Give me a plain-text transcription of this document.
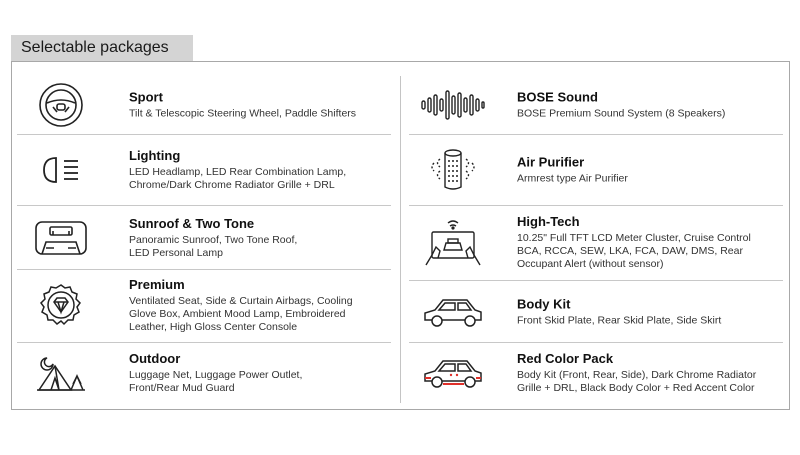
Selectable packages
Sport
Tilt & Telescopic Steering Wheel, Paddle Shifters
Lighting
LED Headlamp, LED Rear Combination Lamp,
Chrome/Dark Chrome Radiator Grille + DRL
Sunroof & Two Tone
Panoramic Sunroof, Two Tone Roof,
LED Personal Lamp
Premium
Ventilated Seat, Side & Curtain Airbags, Cooling
Glove Box, Ambient Mood Lamp, Embroidered
Leather, High Gloss Center Console
Outdoor
Luggage Net, Luggage Power Outlet,
Front/Rear Mud Guard
BOSE Sound
BOSE Premium Sound System (8 Speakers)
Air Purifier
Armrest type Air Purifier
High-Tech
10.25" Full TFT LCD Meter Cluster, Cruise Control
BCA, RCCA, SEW, LKA, FCA, DAW, DMS, Rear
Occupant Alert (without sensor)
Body Kit
Front Skid Plate, Rear Skid Plate, Side Skirt
Red Color Pack
Body Kit (Front, Rear, Side), Dark Chrome Radiator
Grille + DRL, Black Body Color + Red Accent Color
